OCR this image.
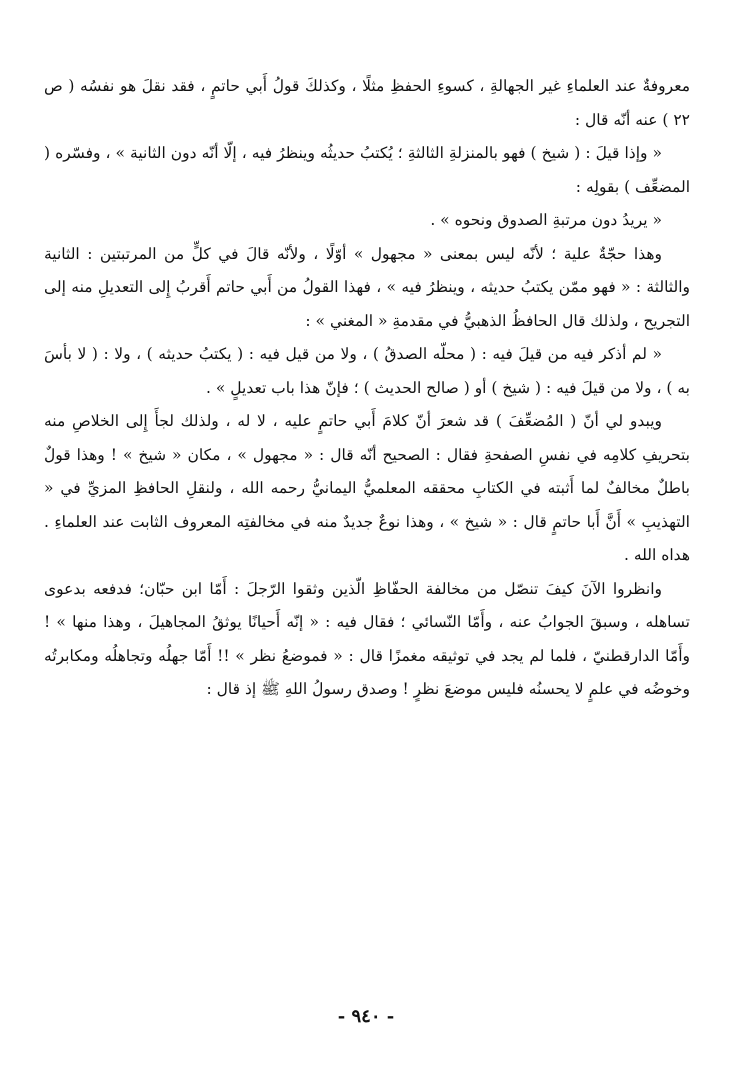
معروفةٌ عند العلماءِ غير الجهالةِ ، كسوءِ الحفظِ مثلًا ، وكذلكَ قولُ أَبي حاتمٍ ، فقد نقلَ هو نفسُه ( ص ٢٢ ) عنه أنّه قال :

« وإذا قيلَ : ( شيخ ) فهو بالمنزلةِ الثالثةِ ؛ يُكتبُ حديثُه وينظرُ فيه ، إلّا أنّه دون الثانية » ، وفسّره ( المضعِّف ) بقولِه :

« يريدُ دون مرتبةِ الصدوق ونحوه » .

وهذا حجّةٌ علية ؛ لأنّه ليس بمعنى « مجهول » أوّلًا ، ولأنّه قالَ في كلٍّ من المرتبتين : الثانية والثالثة : « فهو ممّن يكتبُ حديثه ، وينظرُ فيه » ، فهذا القولُ من أَبي حاتم أَقربُ إِلى التعديلِ منه إلى التجريح ، ولذلك قال الحافظُ الذهبيُّ في مقدمةِ « المغني » :

« لم أذكر فيه من قيلَ فيه : ( محلّه الصدقُ ) ، ولا من قيل فيه : ( يكتبُ حديثه ) ، ولا : ( لا بأسَ به ) ، ولا من قيلَ فيه : ( شيخ ) أو ( صالح الحديث ) ؛ فإنّ هذا باب تعديلٍ » .

ويبدو لي أنّ ( المُضعِّفَ ) قد شعرَ أنّ كلامَ أَبي حاتمٍ عليه ، لا له ، ولذلك لجأَ إِلى الخلاصِ منه بتحريفِ كلامِه في نفسِ الصفحةِ فقال : الصحيح أنّه قال : « مجهول » ، مكان « شيخ » ! وهذا قولٌ باطلٌ مخالفٌ لما أَثبته في الكتابِ محققه المعلميُّ اليمانيُّ رحمه الله ، ولنقلِ الحافظِ المزيِّ في « التهذيبِ » أَنَّ أَبا حاتمٍ قال : « شيخ » ، وهذا نوعٌ جديدٌ منه في مخالفتِه المعروف الثابت عند العلماءِ . هداه الله .

وانظروا الآنَ كيفَ تنصّل من مخالفة الحفّاظِ الّذين وثقوا الرّجلَ : أَمّا ابن حبّان؛ فدفعه بدعوى تساهله ، وسبقَ الجوابُ عنه ، وأَمّا النّسائي ؛ فقال فيه : « إنّه أَحيانًا يوثقُ المجاهيلَ ، وهذا منها » ! وأَمّا الدارقطنيّ ، فلما لم يجد في توثيقه مغمزًا قال : « فموضعُ نظر » !! أَمّا جهلُه وتجاهلُه ومكابرتُه وخوضُه في علمٍ لا يحسنُه فليس موضعَ نظرٍ ! وصدق رسولُ اللهِ ﷺ إذ قال :

- ٩٤٠ -
